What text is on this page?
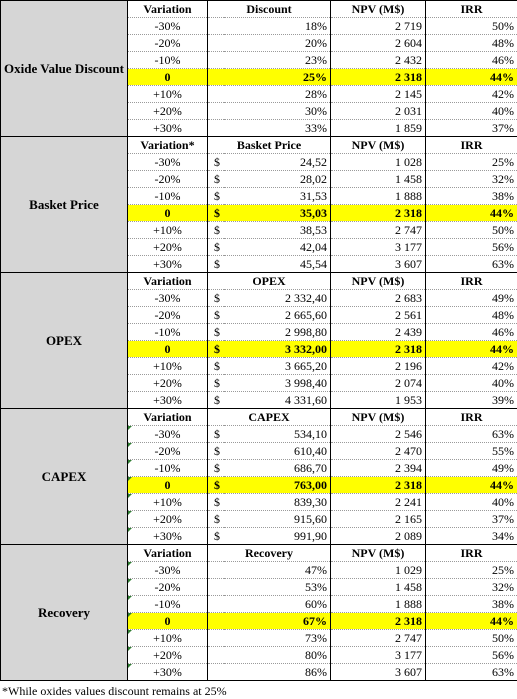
Oxide Value Discount	Variation	Discount		NPV (M$)	IRR
	-30%	18%		2 719	50%
	-20%	20%		2 604	48%
	-10%	23%		2 432	46%
	0	25%		2 318	44%
	+10%	28%		2 145	42%
	+20%	30%		2 031	40%
	+30%	33%		1 859	37%
Basket Price	Variation*	Basket Price		NPV (M$)	IRR
	-30%	$	24,52	1 028	25%
	-20%	$	28,02	1 458	32%
	-10%	$	31,53	1 888	38%
	0	$	35,03	2 318	44%
	+10%	$	38,53	2 747	50%
	+20%	$	42,04	3 177	56%
	+30%	$	45,54	3 607	63%
OPEX	Variation	OPEX		NPV (M$)	IRR
	-30%	$	2 332,40	2 683	49%
	-20%	$	2 665,60	2 561	48%
	-10%	$	2 998,80	2 439	46%
	0	$	3 332,00	2 318	44%
	+10%	$	3 665,20	2 196	42%
	+20%	$	3 998,40	2 074	40%
	+30%	$	4 331,60	1 953	39%
CAPEX	Variation	CAPEX		NPV (M$)	IRR
	-30%	$	534,10	2 546	63%
	-20%	$	610,40	2 470	55%
	-10%	$	686,70	2 394	49%
	0	$	763,00	2 318	44%
	+10%	$	839,30	2 241	40%
	+20%	$	915,60	2 165	37%
	+30%	$	991,90	2 089	34%
Recovery	Variation	Recovery		NPV (M$)	IRR
	-30%	47%		1 029	25%
	-20%	53%		1 458	32%
	-10%	60%		1 888	38%
	0	67%		2 318	44%
	+10%	73%		2 747	50%
	+20%	80%		3 177	56%
	+30%	86%		3 607	63%
*While oxides values discount remains at 25%
